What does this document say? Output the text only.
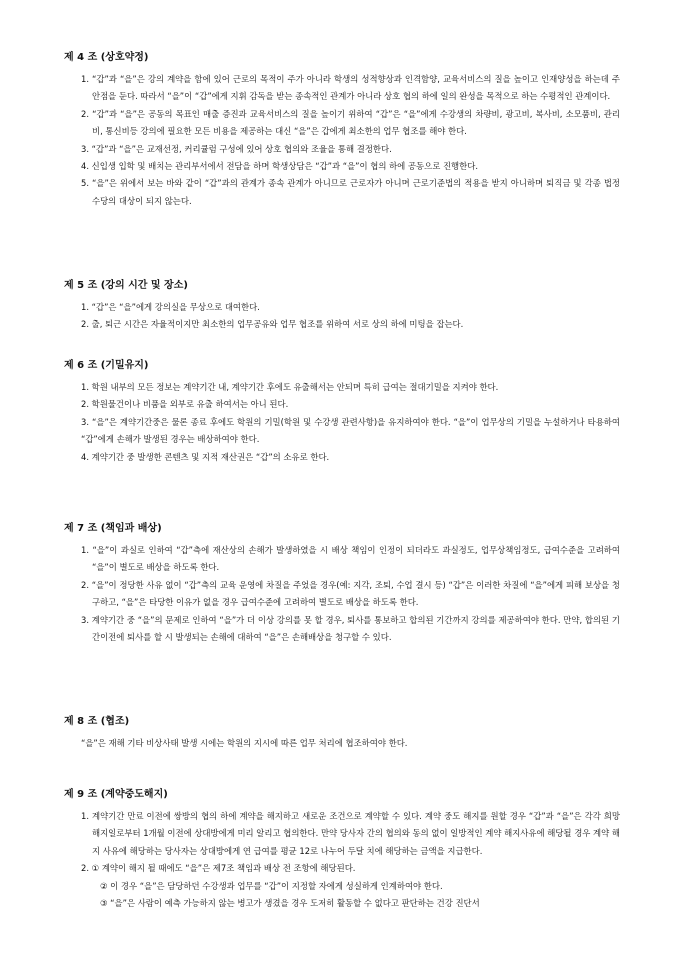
제 4 조 (상호약정)
1. “갑”과 “을”은 강의 계약을 함에 있어 근로의 목적이 주가 아니라 학생의 성적향상과 인격함양, 교육서비스의 질을 높이고 인재양성을 하는데 주안점을 둔다. 따라서 “을”이 “갑”에게 지휘 감독을 받는 종속적인 관계가 아니라 상호 협의 하에 일의 완성을 목적으로 하는 수평적인 관계이다.
2. “갑”과 “을”은 공동의 목표인 매출 증진과 교육서비스의 질을 높이기 위하여 “갑”은 “을”에게 수강생의 차량비, 광고비, 복사비, 소모품비, 관리비, 통신비등 강의에 필요한 모든 비용을 제공하는 대신 “을”은 갑에게 최소한의 업무 협조를 해야 한다.
3. “갑”과 “을”은 교재선정, 커리큘럼 구성에 있어 상호 협의와 조율을 통해 결정한다.
4. 신입생 입학 및 배치는 관리부서에서 전담을 하며 학생상담은 “갑”과 “을”이 협의 하에 공동으로 진행한다.
5. “을”은 위에서 보는 바와 같이 “갑”과의 관계가 종속 관계가 아니므로 근로자가 아니며 근로기준법의 적용을 받지 아니하며 퇴직금 및 각종 법정 수당의 대상이 되지 않는다.
제 5 조 (강의 시간 및 장소)
1. “갑”은 “을”에게 강의실을 무상으로 대여한다.
2. 출, 퇴근 시간은 자율적이지만 최소한의 업무공유와 업무 협조를 위하여 서로 상의 하에 미팅을 잡는다.
제 6 조 (기밀유지)
1. 학원 내부의 모든 정보는 계약기간 내, 계약기간 후에도 유출해서는 안되며 특히 급여는 절대기밀을 지켜야 한다.
2. 학원물건이나 비품을 외부로 유출 하여서는 아니 된다.
3. “을”은 계약기간중은 물론 종료 후에도 학원의 기밀(학원 및 수강생 관련사항)을 유지하여야 한다. “을”이 업무상의 기밀을 누설하거나 타용하여 “갑”에게 손해가 발생된 경우는 배상하여야 한다.
4. 계약기간 중 발생한 콘텐츠 및 지적 재산권은 “갑”의 소유로 한다.
제 7 조 (책임과 배상)
1. “을”이 과실로 인하여 “갑”측에 재산상의 손해가 발생하였을 시 배상 책임이 인정이 되더라도 과실정도, 업무상책임정도, 급여수준을 고려하여 “을”이 별도로 배상을 하도록 한다.
2. “을”이 정당한 사유 없이 “갑”측의 교육 운영에 차질을 주었을 경우(예: 지각, 조퇴, 수업 결시 등) “갑”은 이러한 차질에 “을”에게 피해 보상을 청구하고, “을”은 타당한 이유가 없을 경우 급여수준에 고려하여 별도로 배상을 하도록 한다.
3. 계약기간 중 “을”의 문제로 인하여 “을”가 더 이상 강의를 못 할 경우, 퇴사를 통보하고 합의된 기간까지 강의를 제공하여야 한다. 만약, 합의된 기간이전에 퇴사를 할 시 발생되는 손해에 대하여 “을”은 손해배상을 청구할 수 있다.
제 8 조 (협조)
“을”은 재해 기타 비상사태 발생 시에는 학원의 지시에 따른 업무 처리에 협조하여야 한다.
제 9 조 (계약중도해지)
1. 계약기간 만료 이전에 쌍방의 협의 하에 계약을 해지하고 새로운 조건으로 계약할 수 있다. 계약 중도 해지를 원할 경우 “갑”과 “을”은 각각 희망 해지일로부터 1개월 이전에 상대방에게 미리 알리고 협의한다. 만약 당사자 간의 협의와 동의 없이 일방적인 계약 해지사유에 해당될 경우 계약 해지 사유에 해당하는 당사자는 상대방에게 연 급여를 평균 12로 나누어 두달 치에 해당하는 금액을 지급한다.
2. ① 계약이 해지 될 때에도 “을”은 제7조 책임과 배상 전 조항에 해당된다.
② 이 경우 “을”은 담당하던 수강생과 업무를 “갑”이 지정할 자에게 성실하게 인계하여야 한다.
③ “을”은 사람이 예측 가능하지 않는 병고가 생겼을 경우 도저히 활동할 수 없다고 판단하는 건강 진단서
